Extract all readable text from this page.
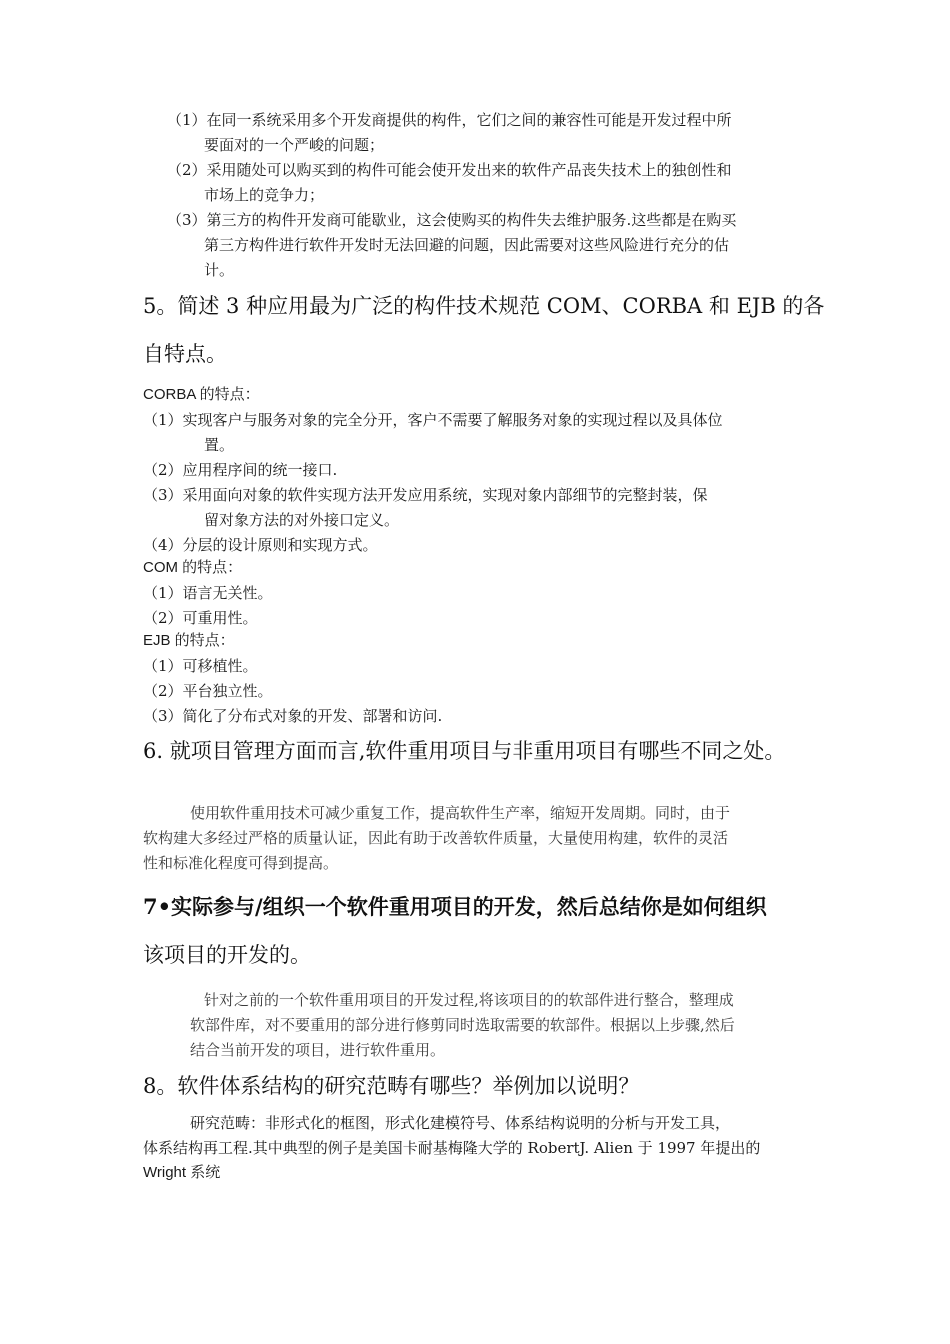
（1）在同一系统采用多个开发商提供的构件，它们之间的兼容性可能是开发过程中所
要面对的一个严峻的问题；
（2）采用随处可以购买到的构件可能会使开发出来的软件产品丧失技术上的独创性和
市场上的竞争力；
（3）第三方的构件开发商可能歇业，这会使购买的构件失去维护服务.这些都是在购买
第三方构件进行软件开发时无法回避的问题，因此需要对这些风险进行充分的估
计。
5。简述 3 种应用最为广泛的构件技术规范 COM、CORBA 和 EJB 的各
自特点。
CORBA 的特点：
（1）实现客户与服务对象的完全分开，客户不需要了解服务对象的实现过程以及具体位
置。
（2）应用程序间的统一接口.
（3）采用面向对象的软件实现方法开发应用系统，实现对象内部细节的完整封装，保
留对象方法的对外接口定义。
（4）分层的设计原则和实现方式。
COM 的特点：
（1）语言无关性。
（2）可重用性。
EJB 的特点：
（1）可移植性。
（2）平台独立性。
（3）简化了分布式对象的开发、部署和访问.
6. 就项目管理方面而言,软件重用项目与非重用项目有哪些不同之处。
使用软件重用技术可减少重复工作，提高软件生产率，缩短开发周期。同时，由于
软构建大多经过严格的质量认证，因此有助于改善软件质量，大量使用构建，软件的灵活
性和标准化程度可得到提高。
7•实际参与/组织一个软件重用项目的开发，然后总结你是如何组织
该项目的开发的。
针对之前的一个软件重用项目的开发过程,将该项目的的软部件进行整合，整理成
软部件库，对不要重用的部分进行修剪同时选取需要的软部件。根据以上步骤,然后
结合当前开发的项目，进行软件重用。
8。软件体系结构的研究范畴有哪些？举例加以说明？
研究范畴：非形式化的框图，形式化建模符号、体系结构说明的分析与开发工具，
体系结构再工程.其中典型的例子是美国卡耐基梅隆大学的 RobertJ. Alien 于 1997 年提出的
Wright 系统
